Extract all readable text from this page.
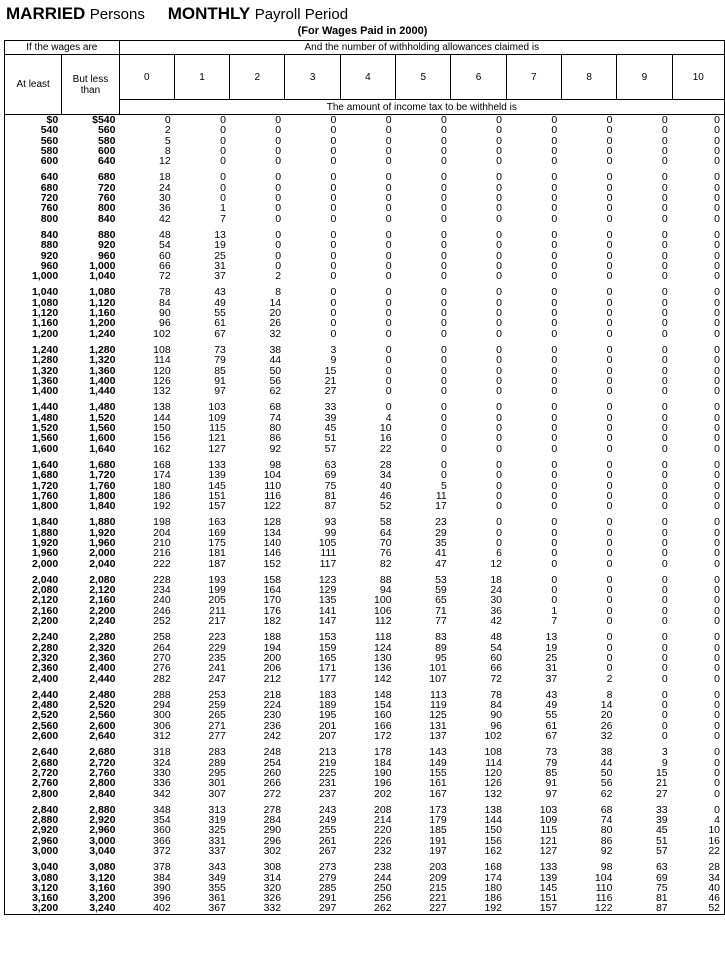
MARRIED Persons MONTHLY Payroll Period
(For Wages Paid in 2000)
If the wages are		And the number of withholding allowances claimed is										
At least	But less than	0	1	2	3	4	5	6	7	8	9	10
		The amount of income tax to be withheld is										
$0	$540	0	0	0	0	0	0	0	0	0	0	0
540	560	2	0	0	0	0	0	0	0	0	0	0
560	580	5	0	0	0	0	0	0	0	0	0	0
580	600	8	0	0	0	0	0	0	0	0	0	0
600	640	12	0	0	0	0	0	0	0	0	0	0

640	680	18	0	0	0	0	0	0	0	0	0	0
680	720	24	0	0	0	0	0	0	0	0	0	0
720	760	30	0	0	0	0	0	0	0	0	0	0
760	800	36	1	0	0	0	0	0	0	0	0	0
800	840	42	7	0	0	0	0	0	0	0	0	0

840	880	48	13	0	0	0	0	0	0	0	0	0
880	920	54	19	0	0	0	0	0	0	0	0	0
920	960	60	25	0	0	0	0	0	0	0	0	0
960	1,000	66	31	0	0	0	0	0	0	0	0	0
1,000	1,040	72	37	2	0	0	0	0	0	0	0	0

1,040	1,080	78	43	8	0	0	0	0	0	0	0	0
1,080	1,120	84	49	14	0	0	0	0	0	0	0	0
1,120	1,160	90	55	20	0	0	0	0	0	0	0	0
1,160	1,200	96	61	26	0	0	0	0	0	0	0	0
1,200	1,240	102	67	32	0	0	0	0	0	0	0	0

1,240	1,280	108	73	38	3	0	0	0	0	0	0	0
1,280	1,320	114	79	44	9	0	0	0	0	0	0	0
1,320	1,360	120	85	50	15	0	0	0	0	0	0	0
1,360	1,400	126	91	56	21	0	0	0	0	0	0	0
1,400	1,440	132	97	62	27	0	0	0	0	0	0	0

1,440	1,480	138	103	68	33	0	0	0	0	0	0	0
1,480	1,520	144	109	74	39	4	0	0	0	0	0	0
1,520	1,560	150	115	80	45	10	0	0	0	0	0	0
1,560	1,600	156	121	86	51	16	0	0	0	0	0	0
1,600	1,640	162	127	92	57	22	0	0	0	0	0	0

1,640	1,680	168	133	98	63	28	0	0	0	0	0	0
1,680	1,720	174	139	104	69	34	0	0	0	0	0	0
1,720	1,760	180	145	110	75	40	5	0	0	0	0	0
1,760	1,800	186	151	116	81	46	11	0	0	0	0	0
1,800	1,840	192	157	122	87	52	17	0	0	0	0	0

1,840	1,880	198	163	128	93	58	23	0	0	0	0	0
1,880	1,920	204	169	134	99	64	29	0	0	0	0	0
1,920	1,960	210	175	140	105	70	35	0	0	0	0	0
1,960	2,000	216	181	146	111	76	41	6	0	0	0	0
2,000	2,040	222	187	152	117	82	47	12	0	0	0	0

2,040	2,080	228	193	158	123	88	53	18	0	0	0	0
2,080	2,120	234	199	164	129	94	59	24	0	0	0	0
2,120	2,160	240	205	170	135	100	65	30	0	0	0	0
2,160	2,200	246	211	176	141	106	71	36	1	0	0	0
2,200	2,240	252	217	182	147	112	77	42	7	0	0	0

2,240	2,280	258	223	188	153	118	83	48	13	0	0	0
2,280	2,320	264	229	194	159	124	89	54	19	0	0	0
2,320	2,360	270	235	200	165	130	95	60	25	0	0	0
2,360	2,400	276	241	206	171	136	101	66	31	0	0	0
2,400	2,440	282	247	212	177	142	107	72	37	2	0	0

2,440	2,480	288	253	218	183	148	113	78	43	8	0	0
2,480	2,520	294	259	224	189	154	119	84	49	14	0	0
2,520	2,560	300	265	230	195	160	125	90	55	20	0	0
2,560	2,600	306	271	236	201	166	131	96	61	26	0	0
2,600	2,640	312	277	242	207	172	137	102	67	32	0	0

2,640	2,680	318	283	248	213	178	143	108	73	38	3	0
2,680	2,720	324	289	254	219	184	149	114	79	44	9	0
2,720	2,760	330	295	260	225	190	155	120	85	50	15	0
2,760	2,800	336	301	266	231	196	161	126	91	56	21	0
2,800	2,840	342	307	272	237	202	167	132	97	62	27	0

2,840	2,880	348	313	278	243	208	173	138	103	68	33	0
2,880	2,920	354	319	284	249	214	179	144	109	74	39	4
2,920	2,960	360	325	290	255	220	185	150	115	80	45	10
2,960	3,000	366	331	296	261	226	191	156	121	86	51	16
3,000	3,040	372	337	302	267	232	197	162	127	92	57	22

3,040	3,080	378	343	308	273	238	203	168	133	98	63	28
3,080	3,120	384	349	314	279	244	209	174	139	104	69	34
3,120	3,160	390	355	320	285	250	215	180	145	110	75	40
3,160	3,200	396	361	326	291	256	221	186	151	116	81	46
3,200	3,240	402	367	332	297	262	227	192	157	122	87	52
